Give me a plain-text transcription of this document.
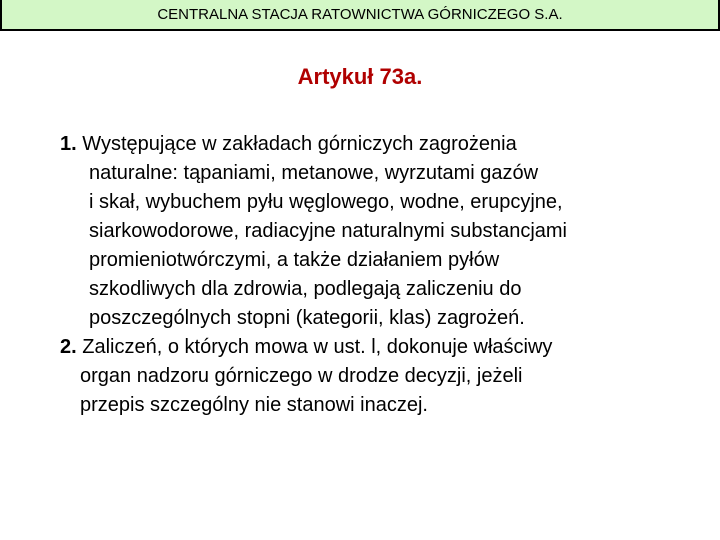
CENTRALNA STACJA RATOWNICTWA GÓRNICZEGO S.A.
Artykuł 73a.
1. Występujące w zakładach górniczych zagrożenia
naturalne: tąpaniami, metanowe, wyrzutami gazów
i skał, wybuchem pyłu węglowego, wodne, erupcyjne,
siarkowodorowe, radiacyjne naturalnymi substancjami
promieniotwórczymi, a także działaniem pyłów
szkodliwych dla zdrowia, podlegają zaliczeniu do
poszczególnych stopni (kategorii, klas) zagrożeń.
2. Zaliczeń, o których mowa w ust. l, dokonuje właściwy
organ nadzoru górniczego w drodze decyzji, jeżeli
przepis szczególny nie stanowi inaczej.
